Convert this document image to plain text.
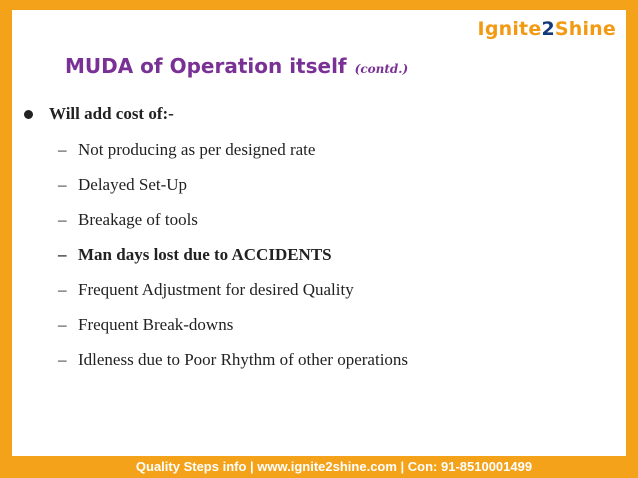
Ignite2Shine
MUDA of Operation itself (contd.)
Will add cost of:-
– Not producing as per designed rate
– Delayed Set-Up
– Breakage of tools
– Man days lost due to ACCIDENTS
– Frequent Adjustment for desired Quality
– Frequent Break-downs
– Idleness due to Poor Rhythm of other operations
Quality Steps info | www.ignite2shine.com | Con: 91-8510001499
